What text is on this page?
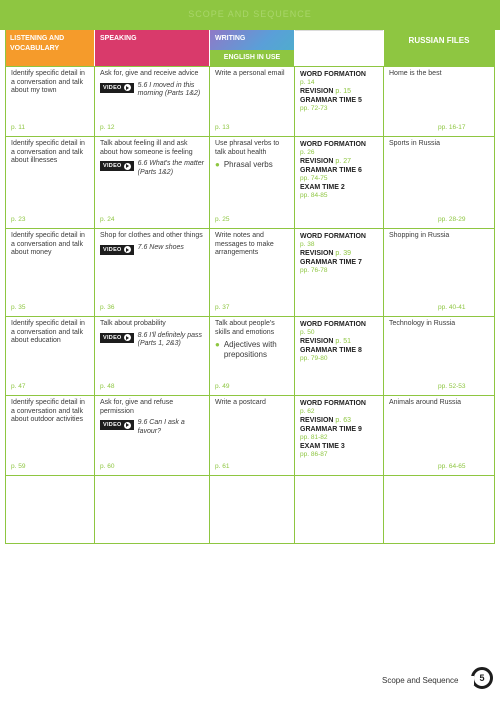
SCOPE AND SEQUENCE
LISTENING AND VOCABULARY
SPEAKING	WRITING
ENGLISH IN USE
RUSSIAN FILES
Identify specific detail in a conversation and talk about my town
p. 11
Ask for, give and receive advice
VIDEO 5.6 I moved in this morning (Parts 1&2)
p. 12
Write a personal email
p. 13
WORD FORMATION
p. 14
REVISION p. 15
GRAMMAR TIME 5
pp. 72-73
Home is the best
pp. 16-17
Identify specific detail in a conversation and talk about illnesses
p. 23
Talk about feeling ill and ask about how someone is feeling
VIDEO 6.6 What's the matter (Parts 1&2)
p. 24
Use phrasal verbs to talk about health
● Phrasal verbs
p. 25
WORD FORMATION
p. 26
REVISION p. 27
GRAMMAR TIME 6
pp. 74-75
EXAM TIME 2
pp. 84-85
Sports in Russia
pp. 28-29
Identify specific detail in a conversation and talk about money
p. 35
Shop for clothes and other things
VIDEO 7.6 New shoes
p. 36
Write notes and messages to make arrangements
p. 37
WORD FORMATION
p. 38
REVISION p. 39
GRAMMAR TIME 7
pp. 76-78
Shopping in Russia
pp. 40-41
Identify specific detail in a conversation and talk about education
p. 47
Talk about probability
VIDEO 8.6 I'll definitely pass (Parts 1, 2&3)
p. 48
Talk about people's skills and emotions
● Adjectives with prepositions
p. 49
WORD FORMATION
p. 50
REVISION p. 51
GRAMMAR TIME 8
pp. 79-80
Technology in Russia
pp. 52-53
Identify specific detail in a conversation and talk about outdoor activities
p. 59
Ask for, give and refuse permission
VIDEO 9.6 Can I ask a favour?
p. 60
Write a postcard
p. 61
WORD FORMATION
p. 62
REVISION p. 63
GRAMMAR TIME 9
pp. 81-82
EXAM TIME 3
pp. 86-87
Animals around Russia
pp. 64-65
Scope and Sequence	5
